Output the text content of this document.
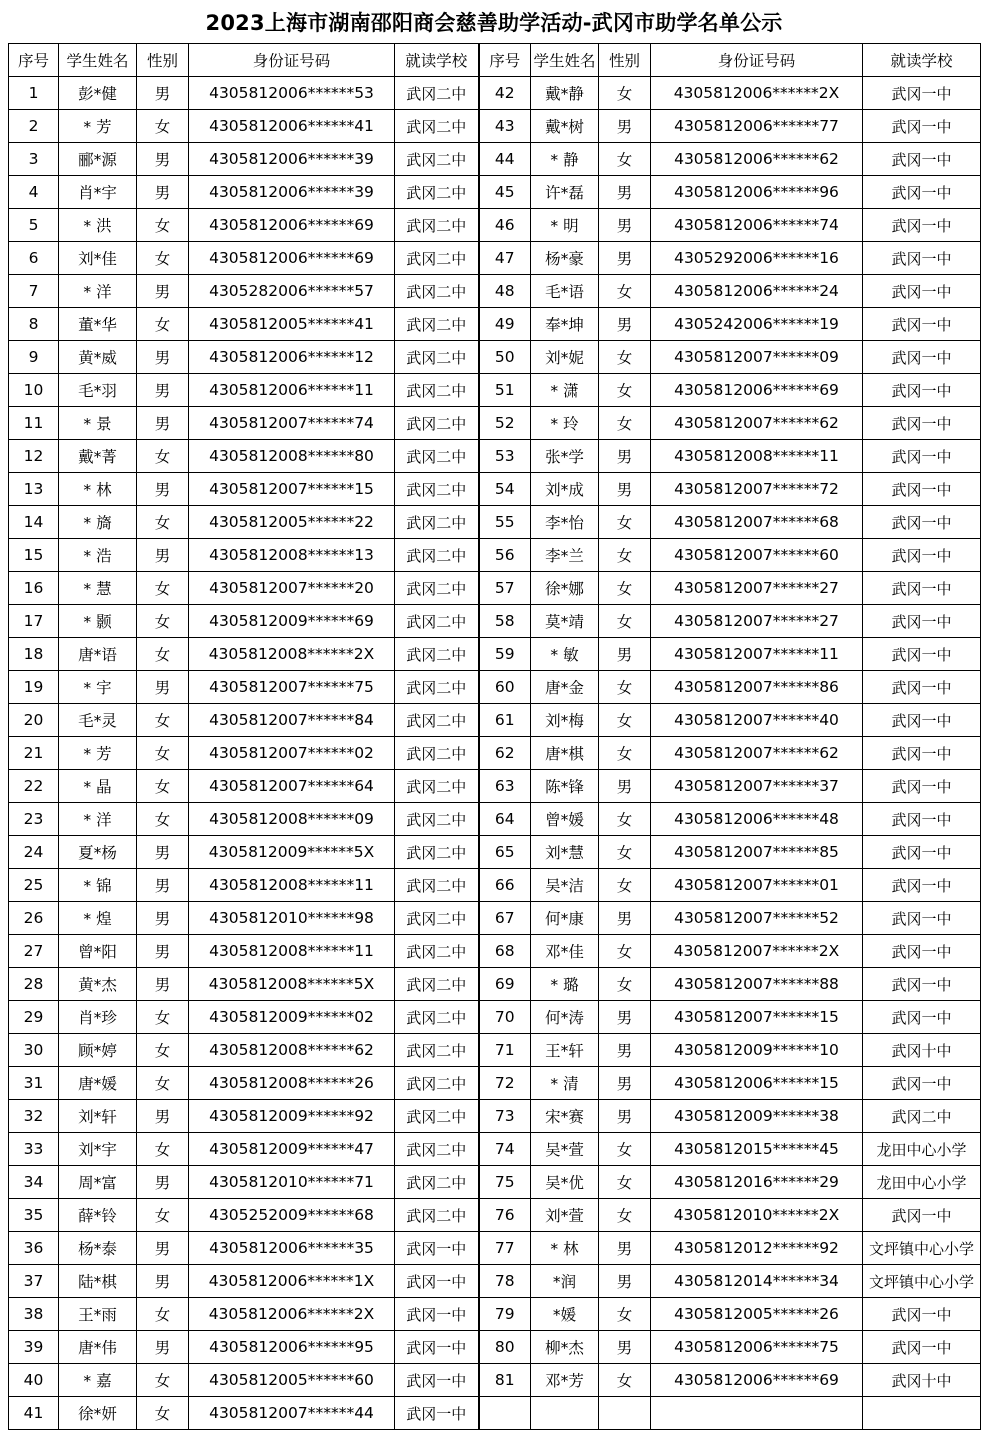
2023上海市湖南邵阳商会慈善助学活动-武冈市助学名单公示
序号	学生姓名	性别	身份证号码	就读学校	序号	学生姓名	性别	身份证号码	就读学校
1	彭*健	男	4305812006******53	武冈二中	42	戴*静	女	4305812006******2X	武冈一中
2	* 芳	女	4305812006******41	武冈二中	43	戴*树	男	4305812006******77	武冈一中
3	郦*源	男	4305812006******39	武冈二中	44	* 静	女	4305812006******62	武冈一中
4	肖*宇	男	4305812006******39	武冈二中	45	许*磊	男	4305812006******96	武冈一中
5	* 洪	女	4305812006******69	武冈二中	46	* 明	男	4305812006******74	武冈一中
6	刘*佳	女	4305812006******69	武冈二中	47	杨*豪	男	4305292006******16	武冈一中
7	* 洋	男	4305282006******57	武冈二中	48	毛*语	女	4305812006******24	武冈一中
8	董*华	女	4305812005******41	武冈二中	49	奉*坤	男	4305242006******19	武冈一中
9	黄*威	男	4305812006******12	武冈二中	50	刘*妮	女	4305812007******09	武冈一中
10	毛*羽	男	4305812006******11	武冈二中	51	* 潇	女	4305812006******69	武冈一中
11	* 景	男	4305812007******74	武冈二中	52	* 玲	女	4305812007******62	武冈一中
12	戴*菁	女	4305812008******80	武冈二中	53	张*学	男	4305812008******11	武冈一中
13	* 林	男	4305812007******15	武冈二中	54	刘*成	男	4305812007******72	武冈一中
14	* 旖	女	4305812005******22	武冈二中	55	李*怡	女	4305812007******68	武冈一中
15	* 浩	男	4305812008******13	武冈二中	56	李*兰	女	4305812007******60	武冈一中
16	* 慧	女	4305812007******20	武冈二中	57	徐*娜	女	4305812007******27	武冈一中
17	* 颢	女	4305812009******69	武冈二中	58	莫*靖	女	4305812007******27	武冈一中
18	唐*语	女	4305812008******2X	武冈二中	59	* 敏	男	4305812007******11	武冈一中
19	* 宇	男	4305812007******75	武冈二中	60	唐*金	女	4305812007******86	武冈一中
20	毛*灵	女	4305812007******84	武冈二中	61	刘*梅	女	4305812007******40	武冈一中
21	* 芳	女	4305812007******02	武冈二中	62	唐*棋	女	4305812007******62	武冈一中
22	* 晶	女	4305812007******64	武冈二中	63	陈*锋	男	4305812007******37	武冈一中
23	* 洋	女	4305812008******09	武冈二中	64	曾*媛	女	4305812006******48	武冈一中
24	夏*杨	男	4305812009******5X	武冈二中	65	刘*慧	女	4305812007******85	武冈一中
25	* 锦	男	4305812008******11	武冈二中	66	吴*洁	女	4305812007******01	武冈一中
26	* 煌	男	4305812010******98	武冈二中	67	何*康	男	4305812007******52	武冈一中
27	曾*阳	男	4305812008******11	武冈二中	68	邓*佳	女	4305812007******2X	武冈一中
28	黄*杰	男	4305812008******5X	武冈二中	69	* 璐	女	4305812007******88	武冈一中
29	肖*珍	女	4305812009******02	武冈二中	70	何*涛	男	4305812007******15	武冈一中
30	顾*婷	女	4305812008******62	武冈二中	71	王*轩	男	4305812009******10	武冈十中
31	唐*媛	女	4305812008******26	武冈二中	72	* 清	男	4305812006******15	武冈一中
32	刘*轩	男	4305812009******92	武冈二中	73	宋*赛	男	4305812009******38	武冈二中
33	刘*宇	女	4305812009******47	武冈二中	74	吴*萱	女	4305812015******45	龙田中心小学
34	周*富	男	4305812010******71	武冈二中	75	吴*优	女	4305812016******29	龙田中心小学
35	薛*铃	女	4305252009******68	武冈二中	76	刘*萱	女	4305812010******2X	武冈一中
36	杨*泰	男	4305812006******35	武冈一中	77	* 林	男	4305812012******92	文坪镇中心小学
37	陆*棋	男	4305812006******1X	武冈一中	78	*润	男	4305812014******34	文坪镇中心小学
38	王*雨	女	4305812006******2X	武冈一中	79	*媛	女	4305812005******26	武冈一中
39	唐*伟	男	4305812006******95	武冈一中	80	柳*杰	男	4305812006******75	武冈一中
40	* 嘉	女	4305812005******60	武冈一中	81	邓*芳	女	4305812006******69	武冈十中
41	徐*妍	女	4305812007******44	武冈一中					
